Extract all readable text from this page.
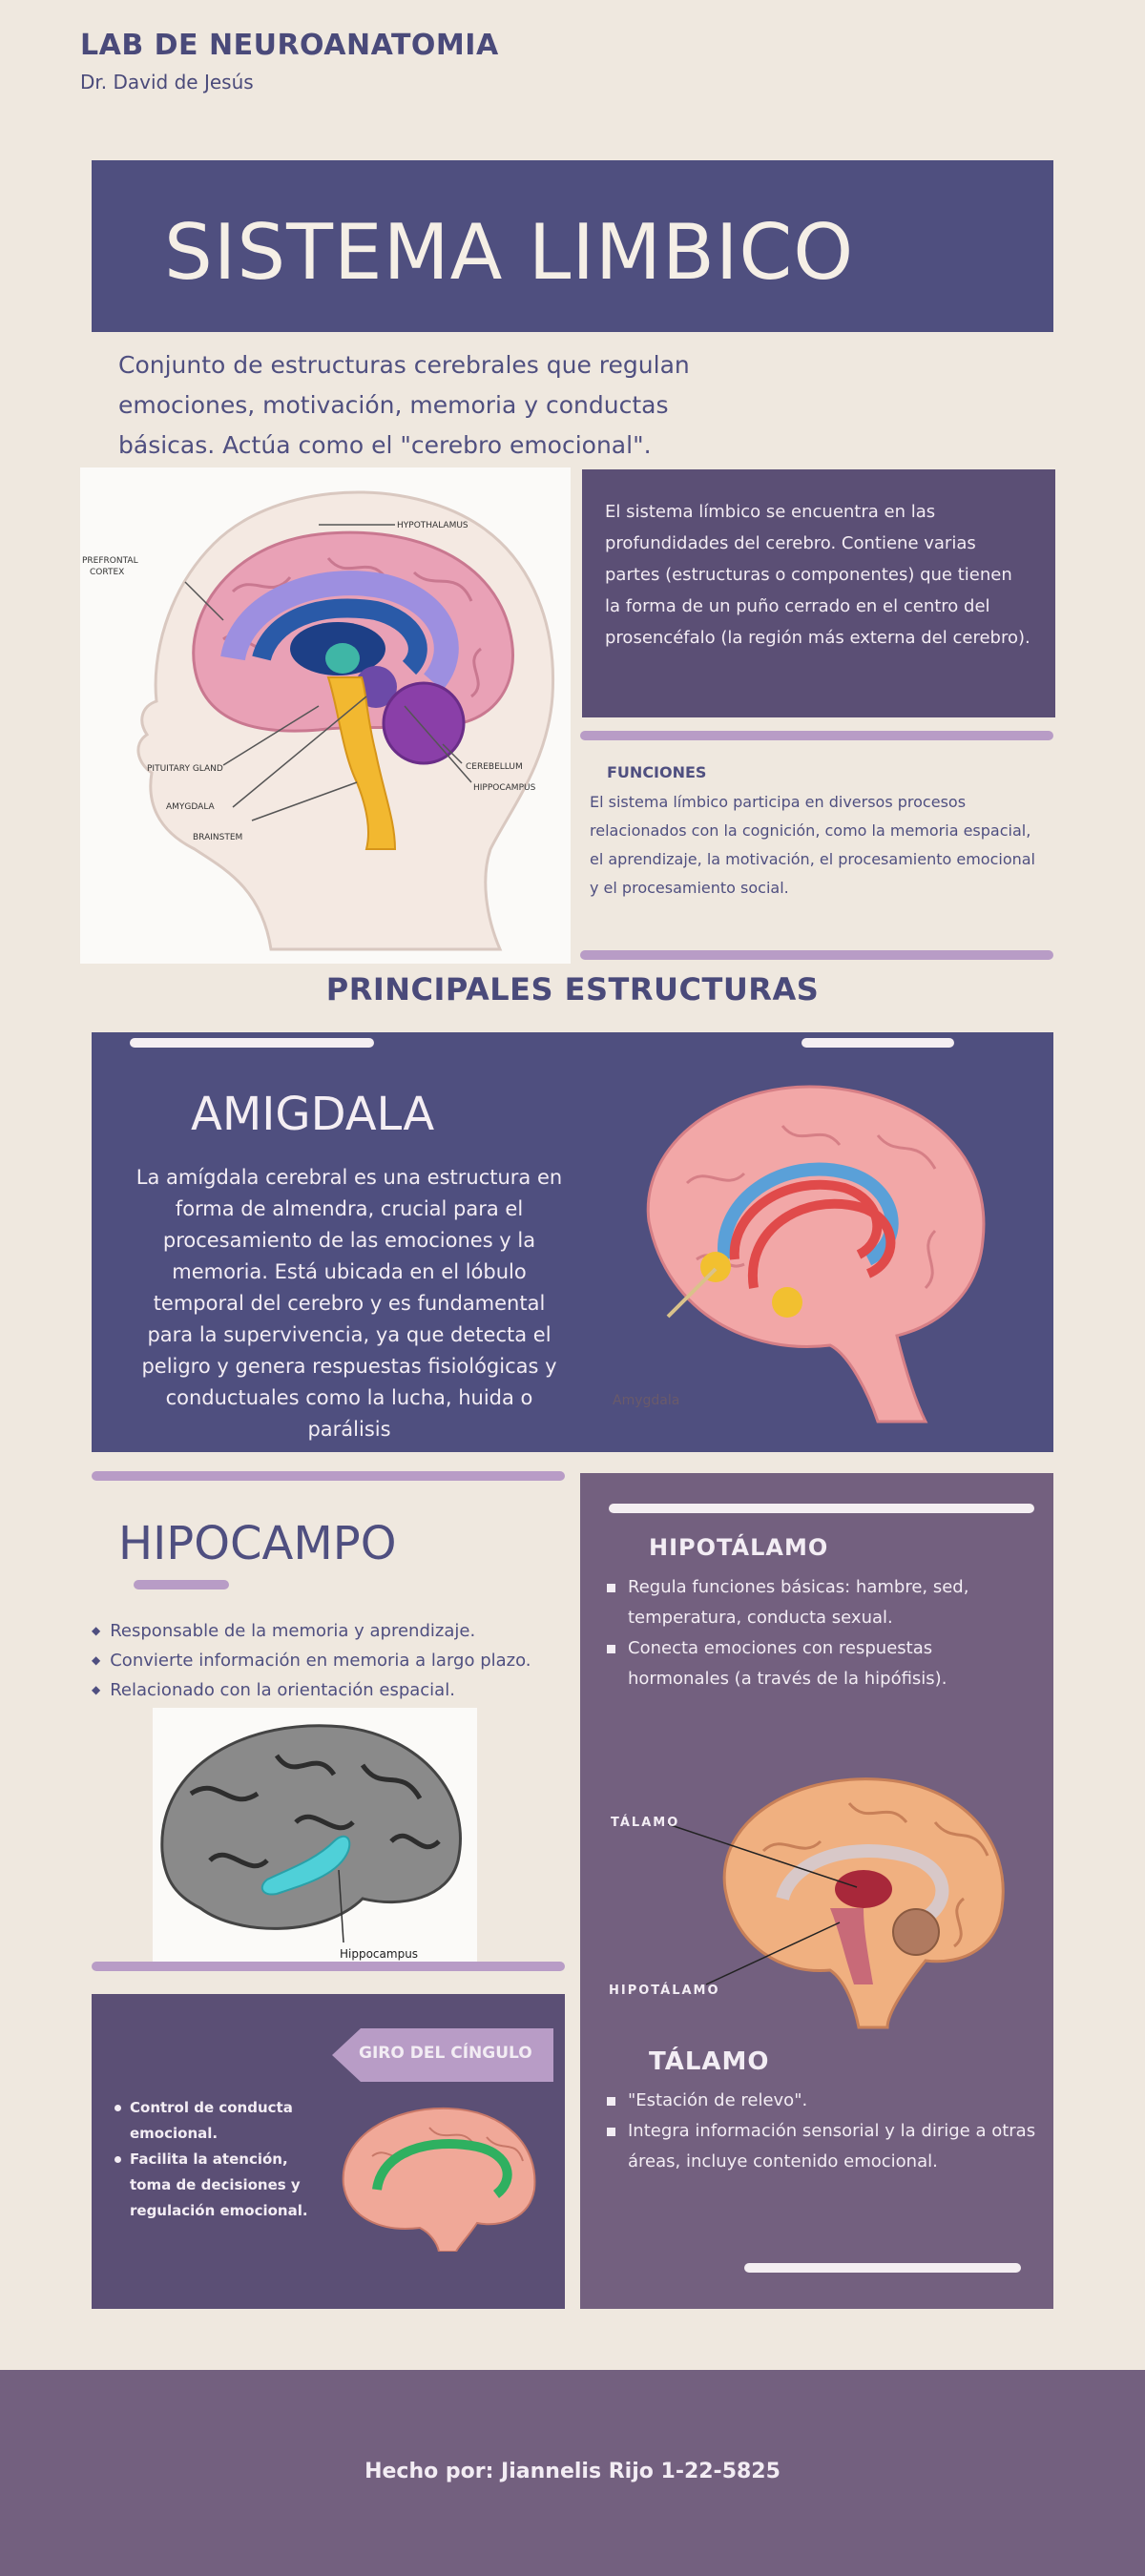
LAB DE NEUROANATOMIA
Dr. David de Jesús
SISTEMA LIMBICO
Conjunto de estructuras cerebrales que regulan emociones, motivación, memoria y conductas básicas. Actúa como el "cerebro emocional".
HYPOTHALAMUS
PREFRONTAL
CORTEX
PITUITARY GLAND
AMYGDALA
BRAINSTEM
CEREBELLUM
HIPPOCAMPUS
El sistema límbico se encuentra en las profundidades del cerebro. Contiene varias partes (estructuras o componentes) que tienen la forma de un puño cerrado en el centro del prosencéfalo (la región más externa del cerebro).
FUNCIONES
El sistema límbico participa en diversos procesos relacionados con la cognición, como la memoria espacial, el aprendizaje, la motivación, el procesamiento emocional y el procesamiento social.
PRINCIPALES ESTRUCTURAS
AMIGDALA
La amígdala cerebral es una estructura en forma de almendra, crucial para el procesamiento de las emociones y la memoria. Está ubicada en el lóbulo temporal del cerebro y es fundamental para la supervivencia, ya que detecta el peligro y genera respuestas fisiológicas y conductuales como la lucha, huida o parálisis
Amygdala
HIPOCAMPO
◆ Responsable de la memoria y aprendizaje.
◆ Convierte información en memoria a largo plazo.
◆ Relacionado con la orientación espacial.
Hippocampus
HIPOTÁLAMO
Regula funciones básicas: hambre, sed, temperatura, conducta sexual.
Conecta emociones con respuestas hormonales (a través de la hipófisis).
TÁLAMO
HIPOTÁLAMO
TÁLAMO
"Estación de relevo".
Integra información sensorial y la dirige a otras áreas, incluye contenido emocional.
GIRO DEL CÍNGULO
Control de conducta emocional.
Facilita la atención, toma de decisiones y regulación emocional.
Hecho por: Jiannelis Rijo 1-22-5825
